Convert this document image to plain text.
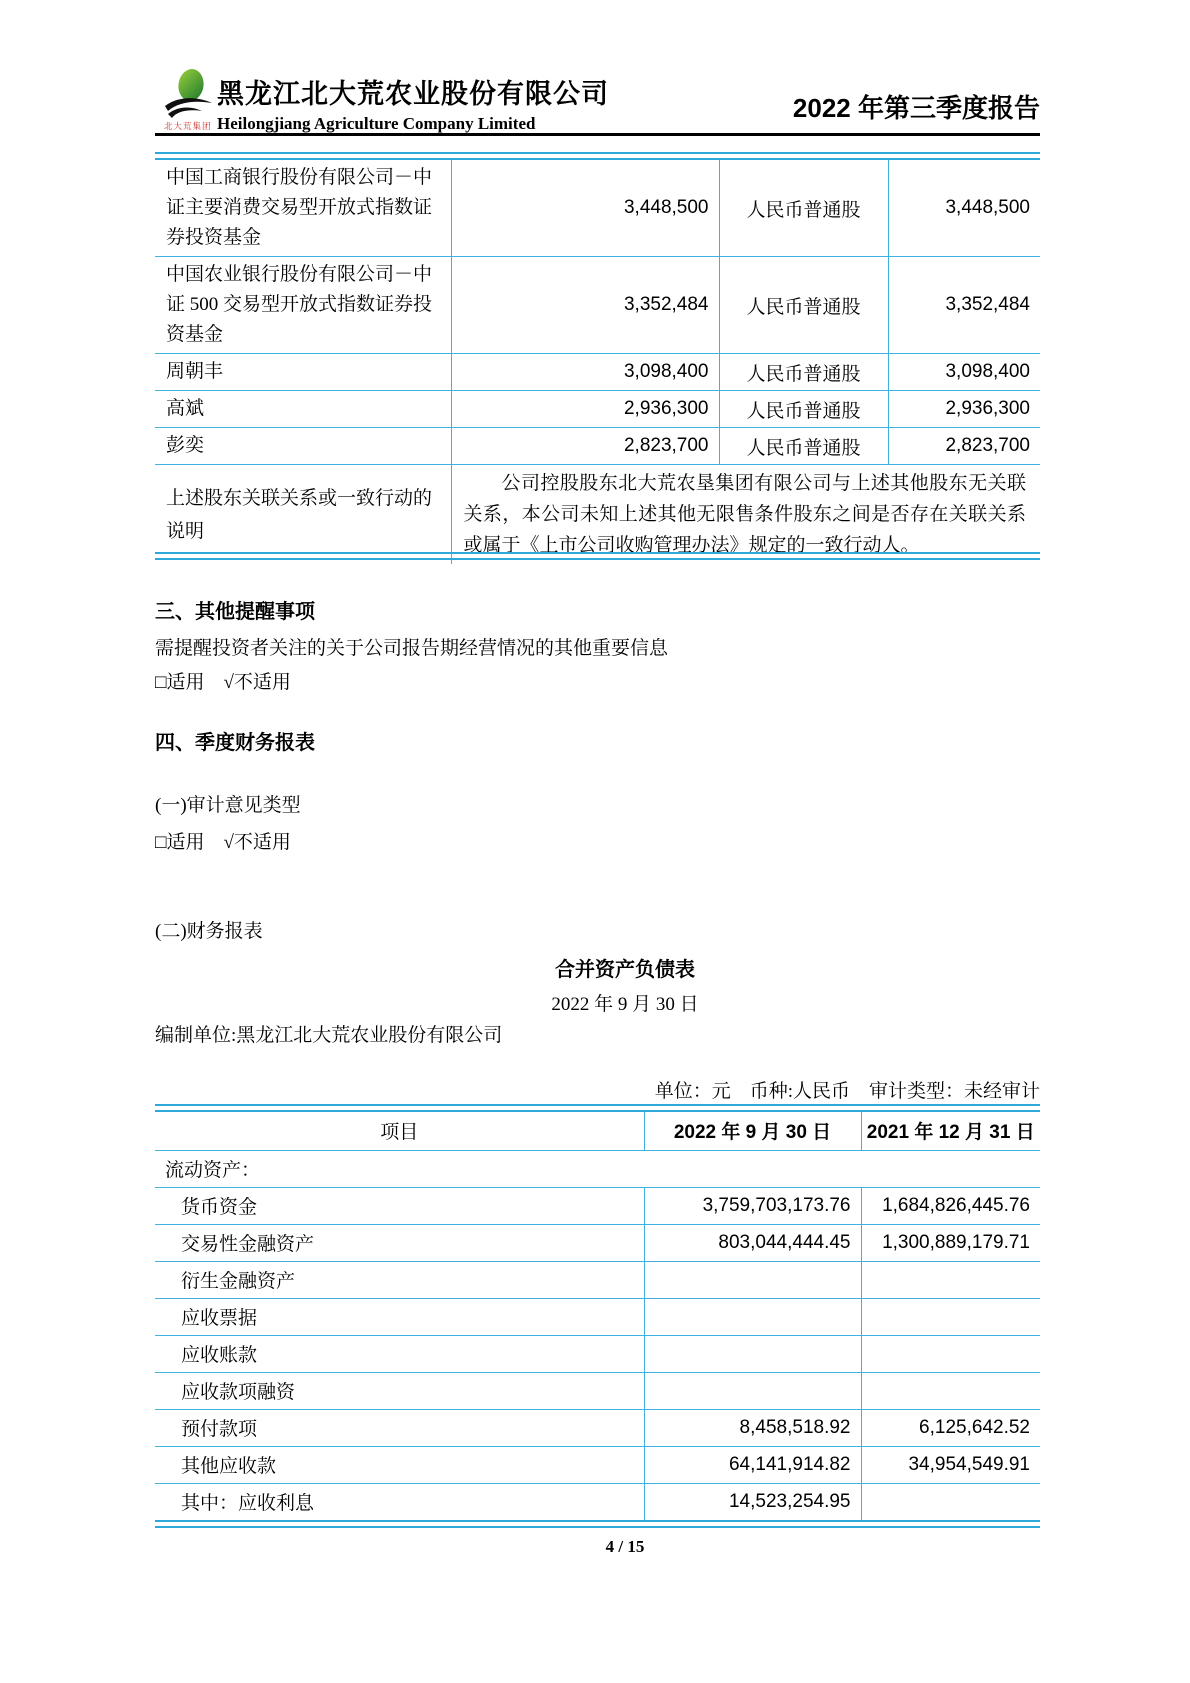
北大荒集团
黑龙江北大荒农业股份有限公司
Heilongjiang Agriculture Company Limited
2022 年第三季度报告
中国工商银行股份有限公司－中证主要消费交易型开放式指数证券投资基金	3,448,500	人民币普通股	3,448,500
中国农业银行股份有限公司－中证 500 交易型开放式指数证券投资基金	3,352,484	人民币普通股	3,352,484
周朝丰	3,098,400	人民币普通股	3,098,400
高斌	2,936,300	人民币普通股	2,936,300
彭奕	2,823,700	人民币普通股	2,823,700
上述股东关联关系或一致行动的说明	公司控股股东北大荒农垦集团有限公司与上述其他股东无关联关系，本公司未知上述其他无限售条件股东之间是否存在关联关系或属于《上市公司收购管理办法》规定的一致行动人。		
三、其他提醒事项
需提醒投资者关注的关于公司报告期经营情况的其他重要信息
□适用　√不适用
四、季度财务报表
(一)审计意见类型
□适用　√不适用
(二)财务报表
合并资产负债表
2022 年 9 月 30 日
编制单位:黑龙江北大荒农业股份有限公司
单位：元　币种:人民币　审计类型：未经审计
项目	2022 年 9 月 30 日	2021 年 12 月 31 日
流动资产：		
货币资金	3,759,703,173.76	1,684,826,445.76
交易性金融资产	803,044,444.45	1,300,889,179.71
衍生金融资产		
应收票据		
应收账款		
应收款项融资		
预付款项	8,458,518.92	6,125,642.52
其他应收款	64,141,914.82	34,954,549.91
其中：应收利息	14,523,254.95	
4 / 15
